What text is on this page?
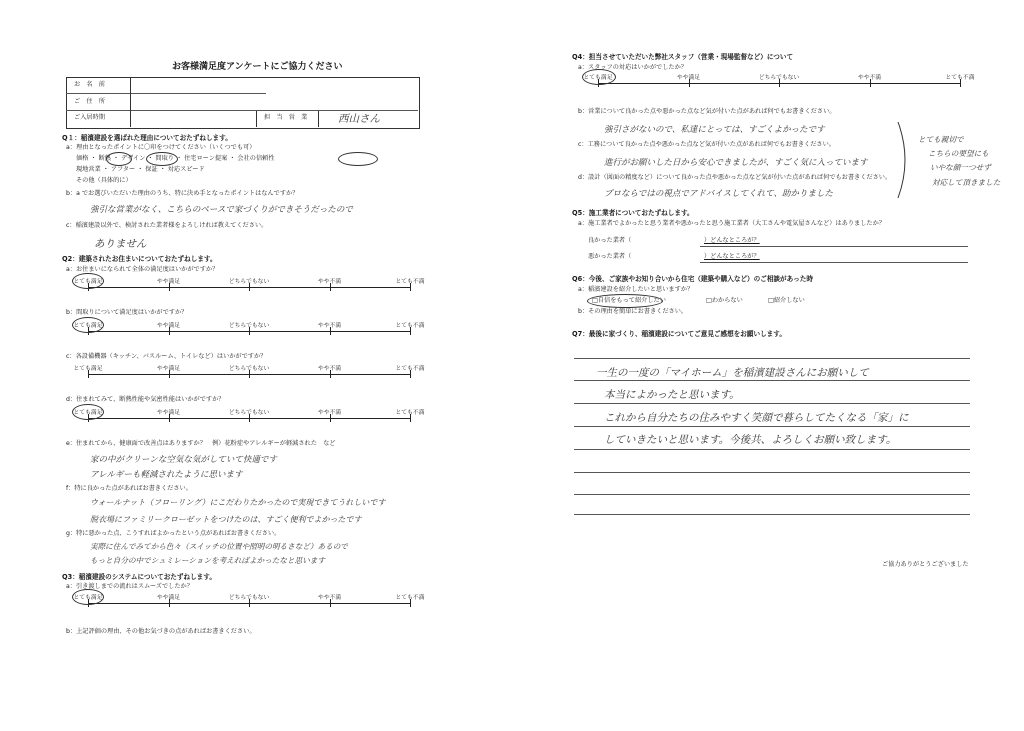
お客様満足度アンケートにご協力ください
お　名　前
ご　住　所
ご入居時期	担　当　営　業	西山さん
Q１：稲濱建設を選ばれた理由についておたずねします。
a：理由となったポイントに〇印をつけてください（いくつでも可）
価格 ・ 断熱 ・ デザイン ・ 間取り ・ 住宅ローン提案 ・ 会社の信頼性
現地営業 ・ アフター ・ 保証 ・ 対応スピード
その他（具体的に）
b：a でお選びいただいた理由のうち、特に決め手となったポイントはなんですか？
強引な営業がなく、こちらのペースで家づくりができそうだったので
c：稲濱建設以外で、検討された業者様をよろしければ教えてください。
ありません
Q2：建築されたお住まいについておたずねします。
a：お住まいになられて全体の満足度はいかがですか？
とても満足	やや満足	どちらでもない	やや不満	とても不満
b：間取りについて満足度はいかがですか？
とても満足	やや満足	どちらでもない	やや不満	とても不満
c：各設備機器（キッチン、バスルーム、トイレなど）はいかがですか？
とても満足	やや満足	どちらでもない	やや不満	とても不満
d：住まれてみて、断熱性能や気密性能はいかがですか？
とても満足	やや満足	どちらでもない	やや不満	とても不満
e：住まれてから、健康面で改善点はありますか？　例）花粉症やアレルギーが軽減された　など
家の中がクリーンな空気な気がしていて快適です
アレルギーも軽減されたように思います
f：特に良かった点があればお書きください。
ウォールナット（フローリング）にこだわりたかったので実現できてうれしいです
脱衣場にファミリークローゼットをつけたのは、すごく便利でよかったです
g：特に悪かった点、こうすればよかったという点があればお書きください。
実際に住んでみてから色々（スイッチの位置や照明の明るさなど）あるので
もっと自分の中でシュミレーションを考えればよかったなと思います
Q3：稲濱建設のシステムについておたずねします。
a：引き渡しまでの流れはスムーズでしたか？
とても満足	やや満足	どちらでもない	やや不満	とても不満
b：上記評価の理由、その他お気づきの点があればお書きください。
Q4：担当させていただいた弊社スタッフ（営業・現場監督など）について
a：スタッフの対応はいかがでしたか？
とても満足	やや満足	どちらでもない	やや不満	とても不満
b：営業について良かった点や悪かった点など気が付いた点があれば何でもお書きください。
強引さがないので、私達にとっては、すごくよかったです
c：工務について良かった点や悪かった点など気が付いた点があれば何でもお書きください。
進行がお願いした日から安心できましたが、すごく気に入っています
d：設計（図面の精度など）について良かった点や悪かった点など気が付いた点があれば何でもお書きください。
プロならではの視点でアドバイスしてくれて、助かりました
とても親切で
こちらの要望にも
いやな顔一つせず
対応して頂きました
Q5：施工業者についておたずねします。
a：施工業者でよかったと思う業者や悪かったと思う施工業者（大工さんや電気屋さんなど）はありましたか？
良かった業者（	）どんなところが？
悪かった業者（	）どんなところが？
Q6：今後、ご家族やお知り合いから住宅（建築や購入など）のご相談があった時
a：稲濱建設を紹介したいと思いますか？
□自信をもって紹介したい	□わからない	□紹介しない
b：その理由を簡単にお書きください。
Q7：最後に家づくり、稲濱建設についてご意見ご感想をお願いします。
一生の一度の「マイホーム」を稲濱建設さんにお願いして
本当によかったと思います。
これから自分たちの住みやすく笑顔で暮らしてたくなる「家」に
していきたいと思います。今後共、よろしくお願い致します。
ご協力ありがとうございました
